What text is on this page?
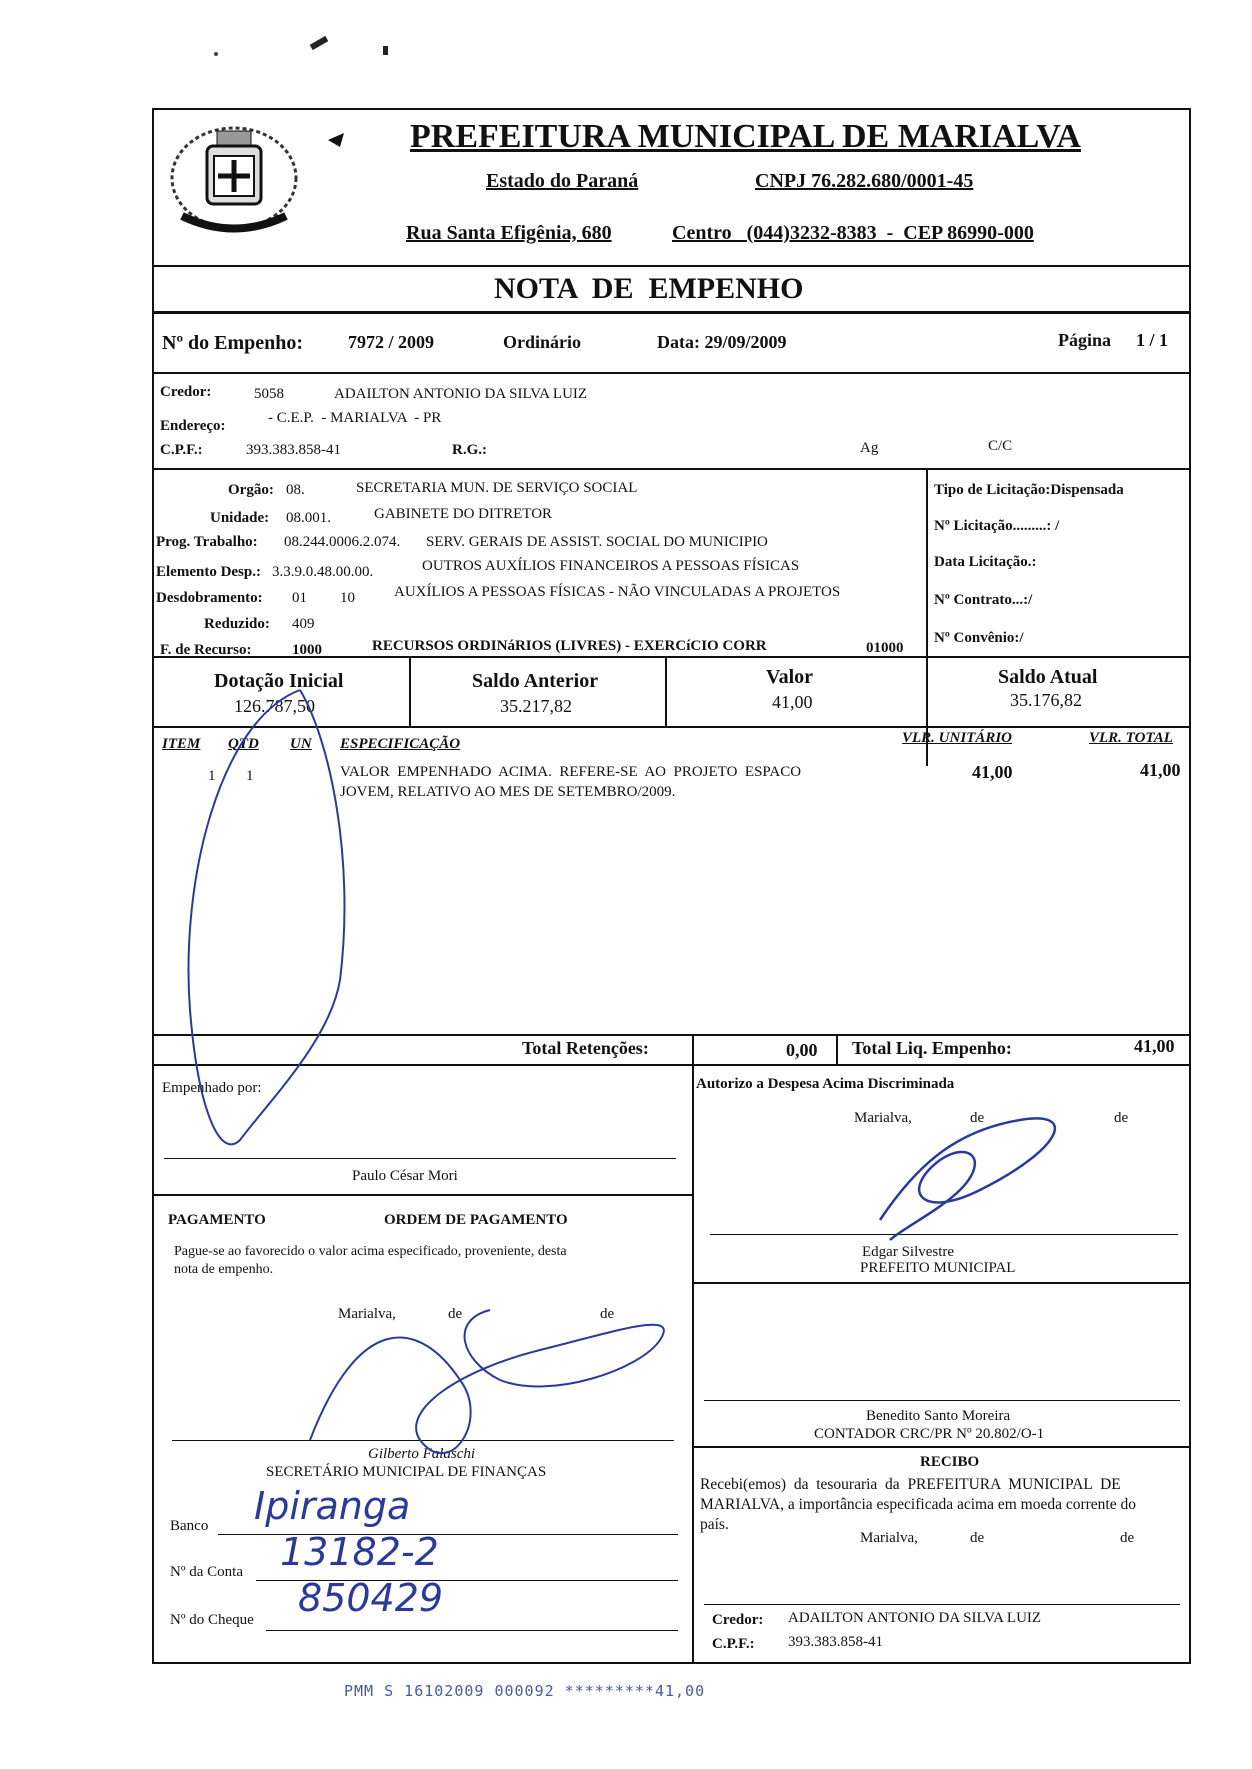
PREFEITURA MUNICIPAL DE MARIALVA
Estado do Paraná	CNPJ 76.282.680/0001-45
Rua Santa Efigênia, 680	Centro   (044)3232-8383  -  CEP 86990-000
NOTA  DE  EMPENHO
Nº do Empenho: 7972 / 2009	Ordinário	Data: 29/09/2009	Página 1 / 1
Credor:	5058	ADAILTON ANTONIO DA SILVA LUIZ
Endereço:	- C.E.P.  - MARIALVA  - PR
C.P.F.:	393.383.858-41	R.G.:	Ag	C/C
Orgão: 08.	SECRETARIA MUN. DE SERVIÇO SOCIAL
Unidade: 08.001.	GABINETE DO DITRETOR
Prog. Trabalho: 08.244.0006.2.074. SERV. GERAIS DE ASSIST. SOCIAL DO MUNICIPIO
Elemento Desp.: 3.3.9.0.48.00.00.	OUTROS AUXÍLIOS FINANCEIROS A PESSOAS FÍSICAS
Desdobramento: 01 10	AUXÍLIOS A PESSOAS FÍSICAS - NÃO VINCULADAS A PROJETOS
Reduzido: 409
F. de Recurso:	1000	RECURSOS ORDINáRIOS (LIVRES) - EXERCíCIO CORR	01000
Tipo de Licitação:Dispensada
Nº Licitação.........: /
Data Licitação.:
Nº Contrato...:/
Nº Convênio:/
Dotação Inicial
126.787,50
Saldo Anterior
35.217,82
Valor
41,00
Saldo Atual
35.176,82
ITEM QTD UN ESPECIFICAÇÃO	VLR. UNITÁRIO	VLR. TOTAL
1 1	VALOR  EMPENHADO  ACIMA.  REFERE-SE  AO  PROJETO  ESPACO
JOVEM, RELATIVO AO MES DE SETEMBRO/2009.
41,00	41,00
Total Retenções:	0,00 Total Liq. Empenho:	41,00
Empenhado por:
Paulo César Mori
Autorizo a Despesa Acima Discriminada
Marialva,	de	de
Edgar Silvestre
PREFEITO MUNICIPAL
PAGAMENTO	ORDEM DE PAGAMENTO
Pague-se ao favorecido o valor acima especificado, proveniente, desta
nota de empenho.
Marialva,	de	de
Gilberto Falaschi
SECRETÁRIO MUNICIPAL DE FINANÇAS
Banco Ipiranga
Nº da Conta 13182-2
Nº do Cheque 850429
Benedito Santo Moreira
CONTADOR CRC/PR Nº 20.802/O-1
RECIBO
Recebi(emos)  da  tesouraria  da  PREFEITURA  MUNICIPAL  DE
MARIALVA, a importância especificada acima em moeda corrente do
país.
Marialva,	de	de
Credor: ADAILTON ANTONIO DA SILVA LUIZ
C.P.F.: 393.383.858-41
PMM S 16102009 000092 *********41,00
